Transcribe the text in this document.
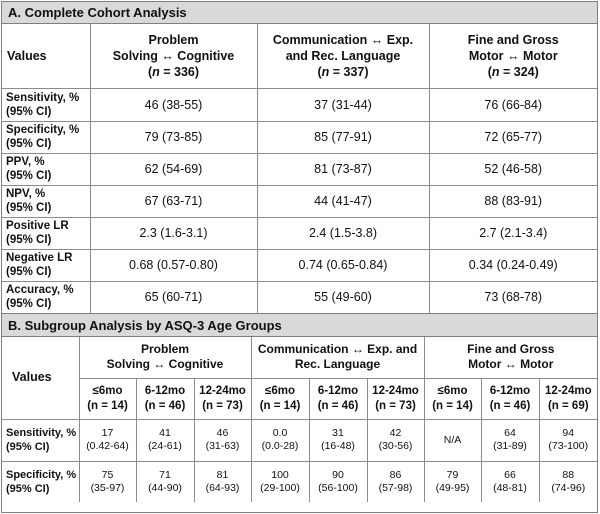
A. Complete Cohort Analysis
Values	Problem
Solving ↔ Cognitive
(n = 336)	Communication ↔ Exp.
and Rec. Language
(n = 337)	Fine and Gross
Motor ↔ Motor
(n = 324)
Sensitivity, %
(95% CI)	46 (38-55)	37 (31-44)	76 (66-84)
Specificity, %
(95% CI)	79 (73-85)	85 (77-91)	72 (65-77)
PPV, %
(95% CI)	62 (54-69)	81 (73-87)	52 (46-58)
NPV, %
(95% CI)	67 (63-71)	44 (41-47)	88 (83-91)
Positive LR
(95% CI)	2.3 (1.6-3.1)	2.4 (1.5-3.8)	2.7 (2.1-3.4)
Negative LR
(95% CI)	0.68 (0.57-0.80)	0.74 (0.65-0.84)	0.34 (0.24-0.49)
Accuracy, %
(95% CI)	65 (60-71)	55 (49-60)	73 (68-78)
B. Subgroup Analysis by ASQ-3 Age Groups
Values	Problem
Solving ↔ Cognitive			Communication ↔ Exp. and
Rec. Language			Fine and Gross
Motor ↔ Motor		
	≤6mo
(n = 14)	6-12mo
(n = 46)	12-24mo
(n = 73)	≤6mo
(n = 14)	6-12mo
(n = 46)	12-24mo
(n = 73)	≤6mo
(n = 14)	6-12mo
(n = 46)	12-24mo
(n = 69)
Sensitivity, %
(95% CI)	17
(0.42-64)	41
(24-61)	46
(31-63)	0.0
(0.0-28)	31
(16-48)	42
(30-56)	N/A	64
(31-89)	94
(73-100)
Specificity, %
(95% CI)	75
(35-97)	71
(44-90)	81
(64-93)	100
(29-100)	90
(56-100)	86
(57-98)	79
(49-95)	66
(48-81)	88
(74-96)
